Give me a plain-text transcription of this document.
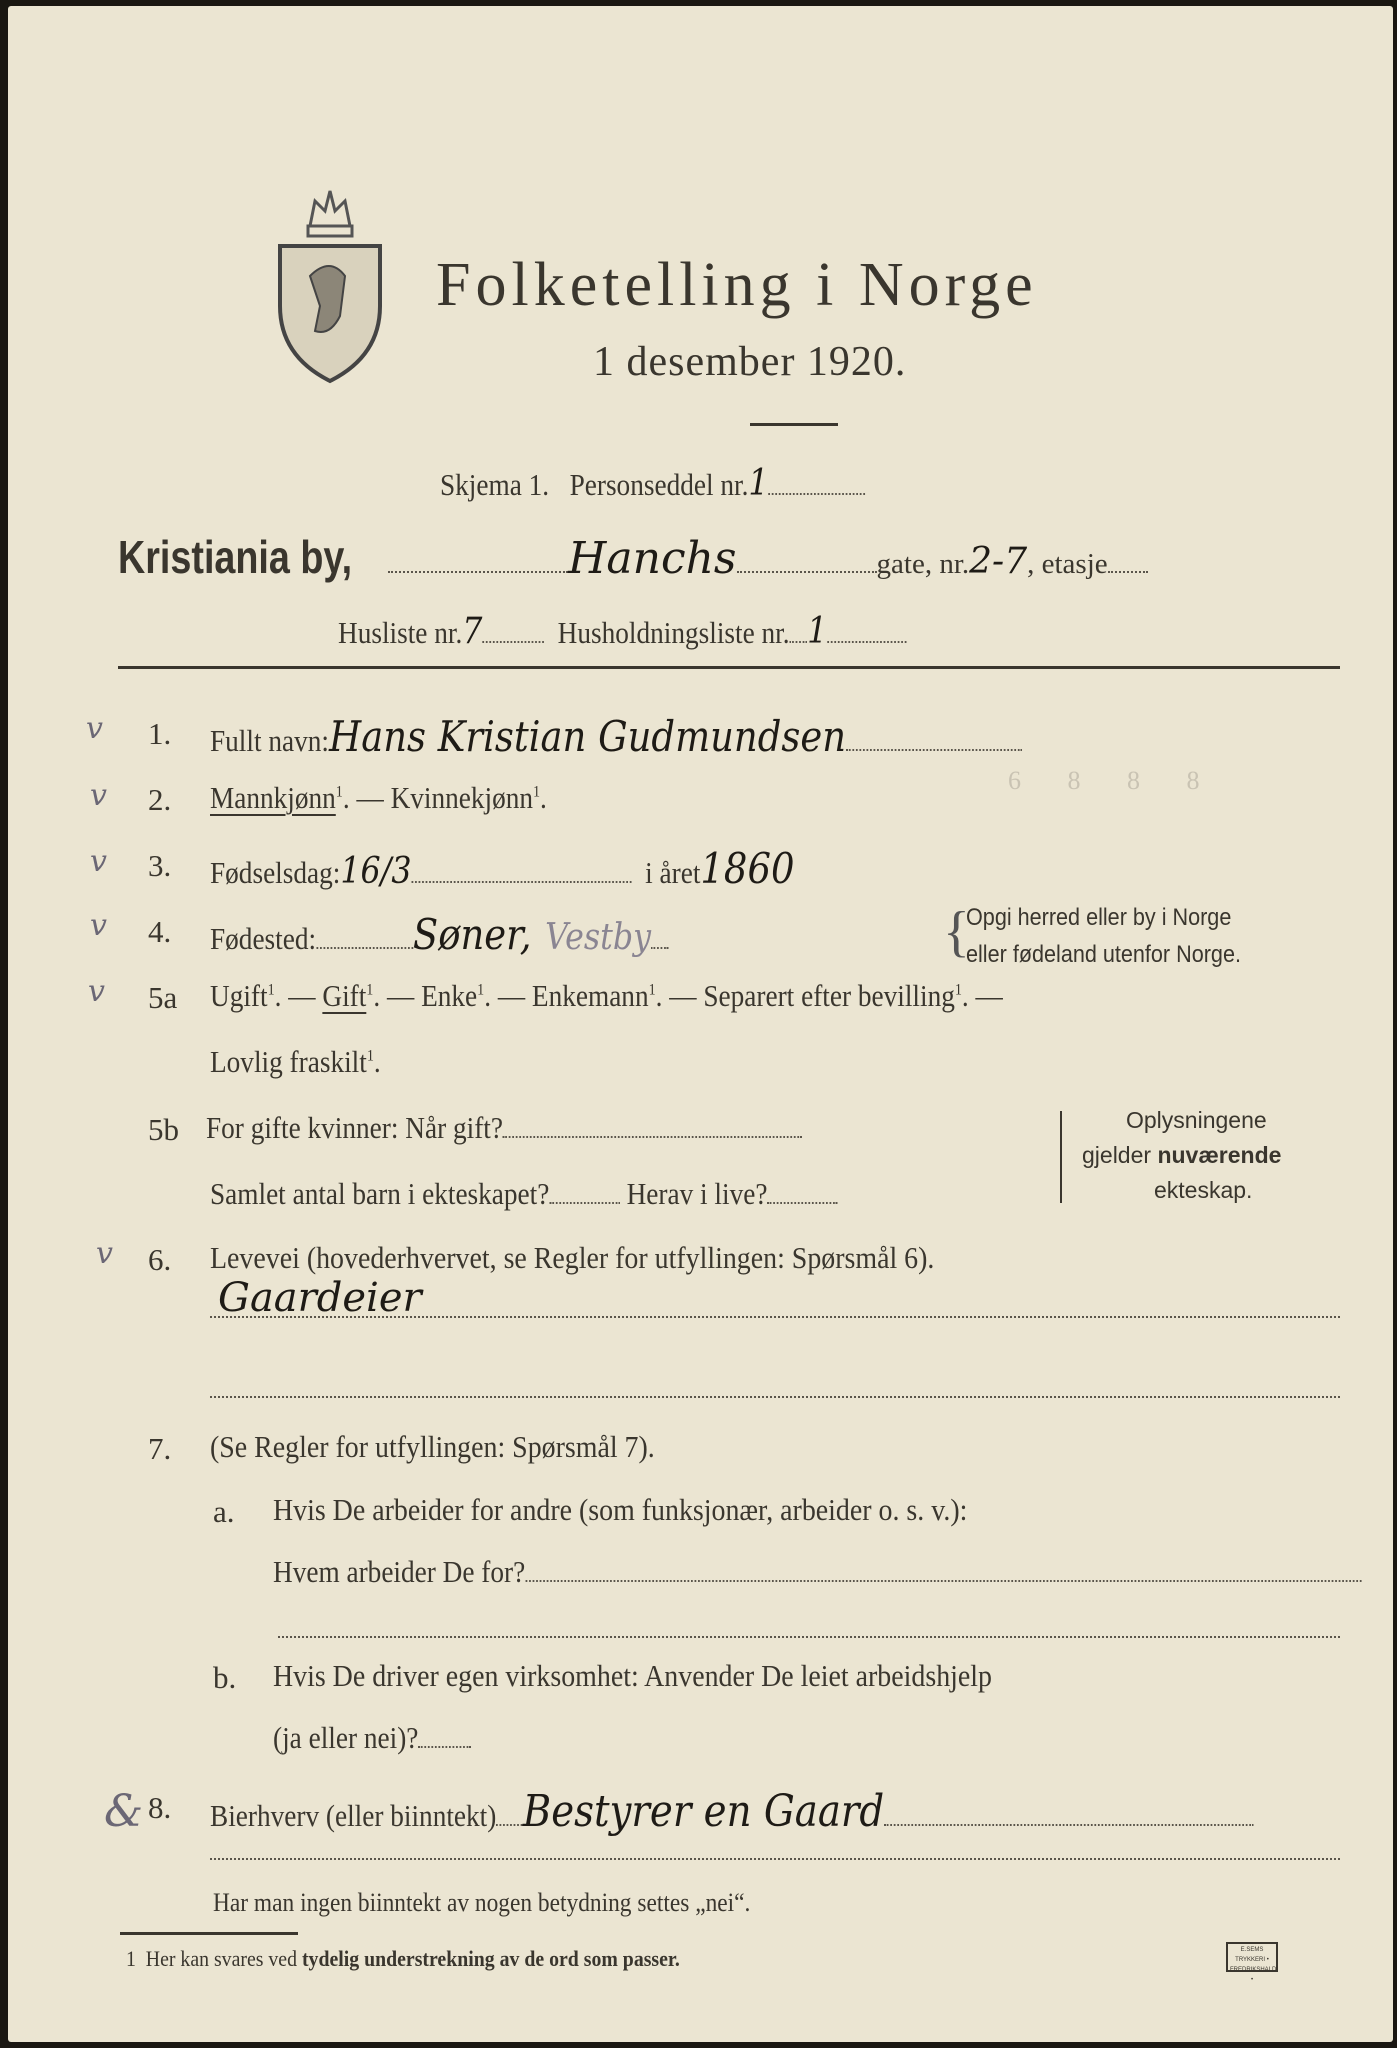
Folketelling i Norge
1 desember 1920.
Skjema 1. Personseddel nr.1
Kristiania by,	Hanchs	gate, nr.2-7, etasje
Husliste nr.7 Husholdningsliste nr. 1
v
v
v
v
v
v
&
1. Fullt navn:Hans Kristian Gudmundsen
2. Mannkjønn$^1$. — Kvinnekjønn$^1$.	6 8 8 8
3. Fødselsdag:16/3	i året1860
4. Fødested: Søner, Vestby	{
Opgi herred eller by i Norge
eller fødeland utenfor Norge.
5a Ugift$^1$. — Gift$^1$. — Enke$^1$. — Enkemann$^1$. — Separert efter bevilling$^1$. —
Lovlig fraskilt$^1$.
5b For gifte kvinner: Når gift?
Samlet antal barn i ekteskapet? Herav i live?
Oplysningene
gjelder nuværende
ekteskap.
6. Levevei (hovederhvervet, se Regler for utfyllingen: Spørsmål 6).
Gaardeier
7. (Se Regler for utfyllingen: Spørsmål 7).
a. Hvis De arbeider for andre (som funksjonær, arbeider o. s. v.):
Hvem arbeider De for?
b. Hvis De driver egen virksomhet: Anvender De leiet arbeidshjelp
(ja eller nei)?
8. Bierhverv (eller biinntekt) Bestyrer en Gaard
Har man ingen biinntekt av nogen betydning settes „nei“.
1 Her kan svares ved tydelig understrekning av de ord som passer.	E.SEMS TRYKKERI • FREDRIKSHALD •
